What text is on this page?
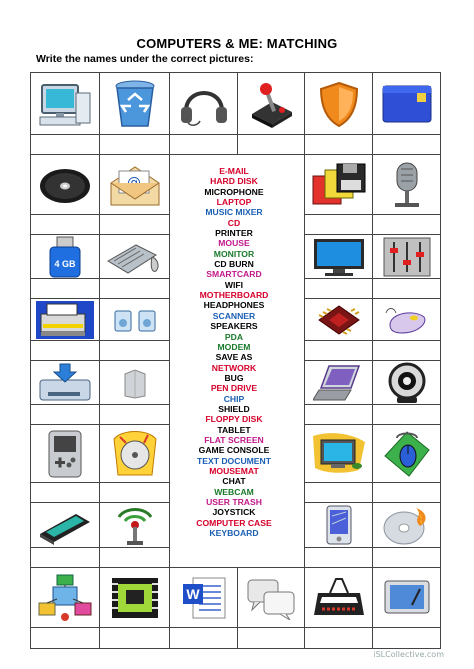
COMPUTERS & ME: MATCHING
Write the names under the correct pictures:
4 GB
W
E-MAIL
HARD DISK
MICROPHONE
LAPTOP
MUSIC MIXER
CD
PRINTER
MOUSE
MONITOR
CD BURN
SMARTCARD
WIFI
MOTHERBOARD
HEADPHONES
SCANNER
SPEAKERS
PDA
MODEM
SAVE AS
NETWORK
BUG
PEN DRIVE
CHIP
SHIELD
FLOPPY DISK
TABLET
FLAT SCREEN
GAME CONSOLE
TEXT DOCUMENT
MOUSEMAT
CHAT
WEBCAM
USER TRASH
JOYSTICK
COMPUTER CASE
KEYBOARD
iSLCollective.com
